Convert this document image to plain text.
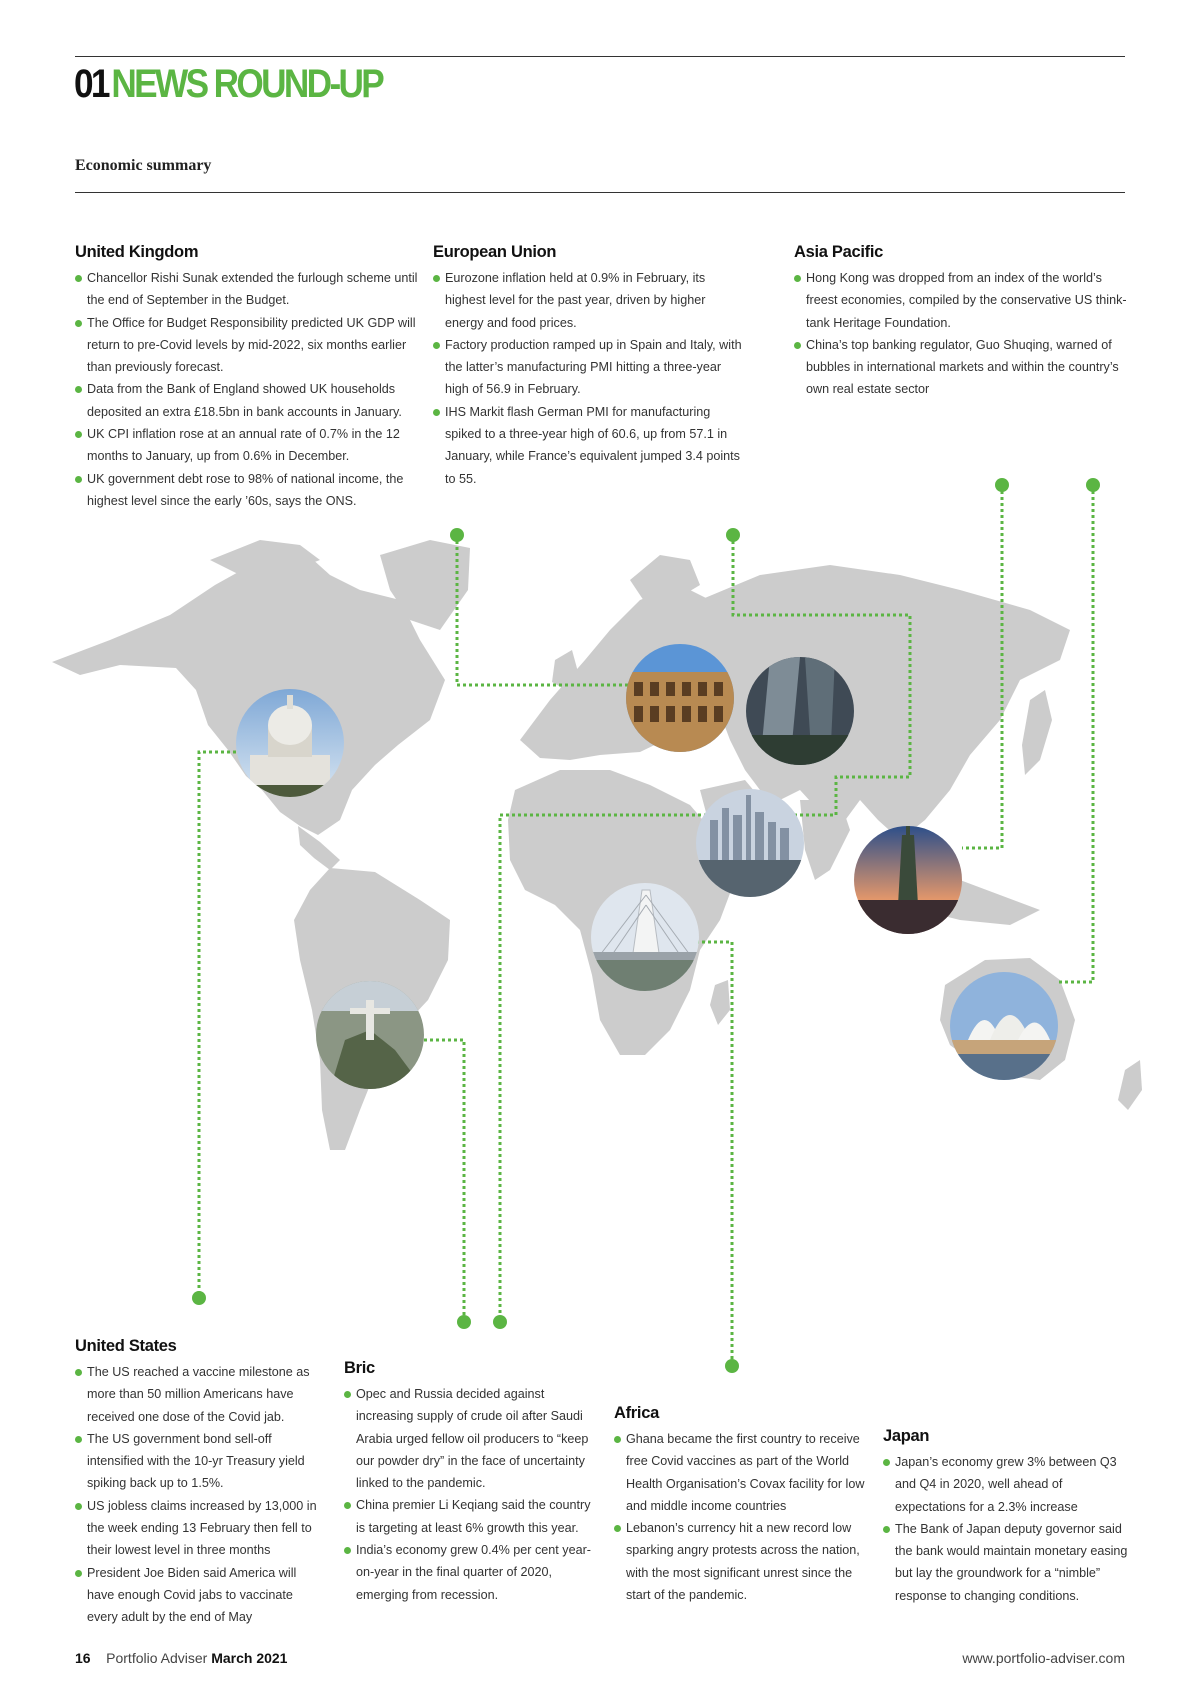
01NEWS ROUND-UP
Economic summary
United Kingdom
Chancellor Rishi Sunak extended the furlough scheme until the end of September in the Budget.
The Office for Budget Responsibility predicted UK GDP will return to pre-Covid levels by mid-2022, six months earlier than previously forecast.
Data from the Bank of England showed UK households deposited an extra £18.5bn in bank accounts in January.
UK CPI inflation rose at an annual rate of 0.7% in the 12 months to January, up from 0.6% in December.
UK government debt rose to 98% of national income, the highest level since the early ’60s, says the ONS.
European Union
Eurozone inflation held at 0.9% in February, its highest level for the past year, driven by higher energy and food prices.
Factory production ramped up in Spain and Italy, with the latter’s manufacturing PMI hitting a three-year high of 56.9 in February.
IHS Markit flash German PMI for manufacturing spiked to a three-year high of 60.6, up from 57.1 in January, while France’s equivalent jumped 3.4 points to 55.
Asia Pacific
Hong Kong was dropped from an index of the world’s freest economies, compiled by the conservative US think-tank Heritage Foundation.
China’s top banking regulator, Guo Shuqing, warned of bubbles in international markets and within the country’s own real estate sector
United States
The US reached a vaccine milestone as more than 50 million Americans have received one dose of the Covid jab.
The US government bond sell-off intensified with the 10-yr Treasury yield spiking back up to 1.5%.
US jobless claims increased by 13,000 in the week ending 13 February then fell to their lowest level in three months
President Joe Biden said America will have enough Covid jabs to vaccinate every adult by the end of May
Bric
Opec and Russia decided against increasing supply of crude oil after Saudi Arabia urged fellow oil producers to “keep our powder dry” in the face of uncertainty linked to the pandemic.
China premier Li Keqiang said the country is targeting at least 6% growth this year.
India’s economy grew 0.4% per cent year-on-year in the final quarter of 2020, emerging from recession.
Africa
Ghana became the first country to receive free Covid vaccines as part of the World Health Organisation’s Covax facility for low and middle income countries
Lebanon’s currency hit a new record low sparking angry protests across the nation, with the most significant unrest since the start of the pandemic.
Japan
Japan’s economy grew 3% between Q3 and Q4 in 2020, well ahead of expectations for a 2.3% increase
The Bank of Japan deputy governor said the bank would maintain monetary easing but lay the groundwork for a “nimble” response to changing conditions.
16 Portfolio Adviser March 2021	www.portfolio-adviser.com
